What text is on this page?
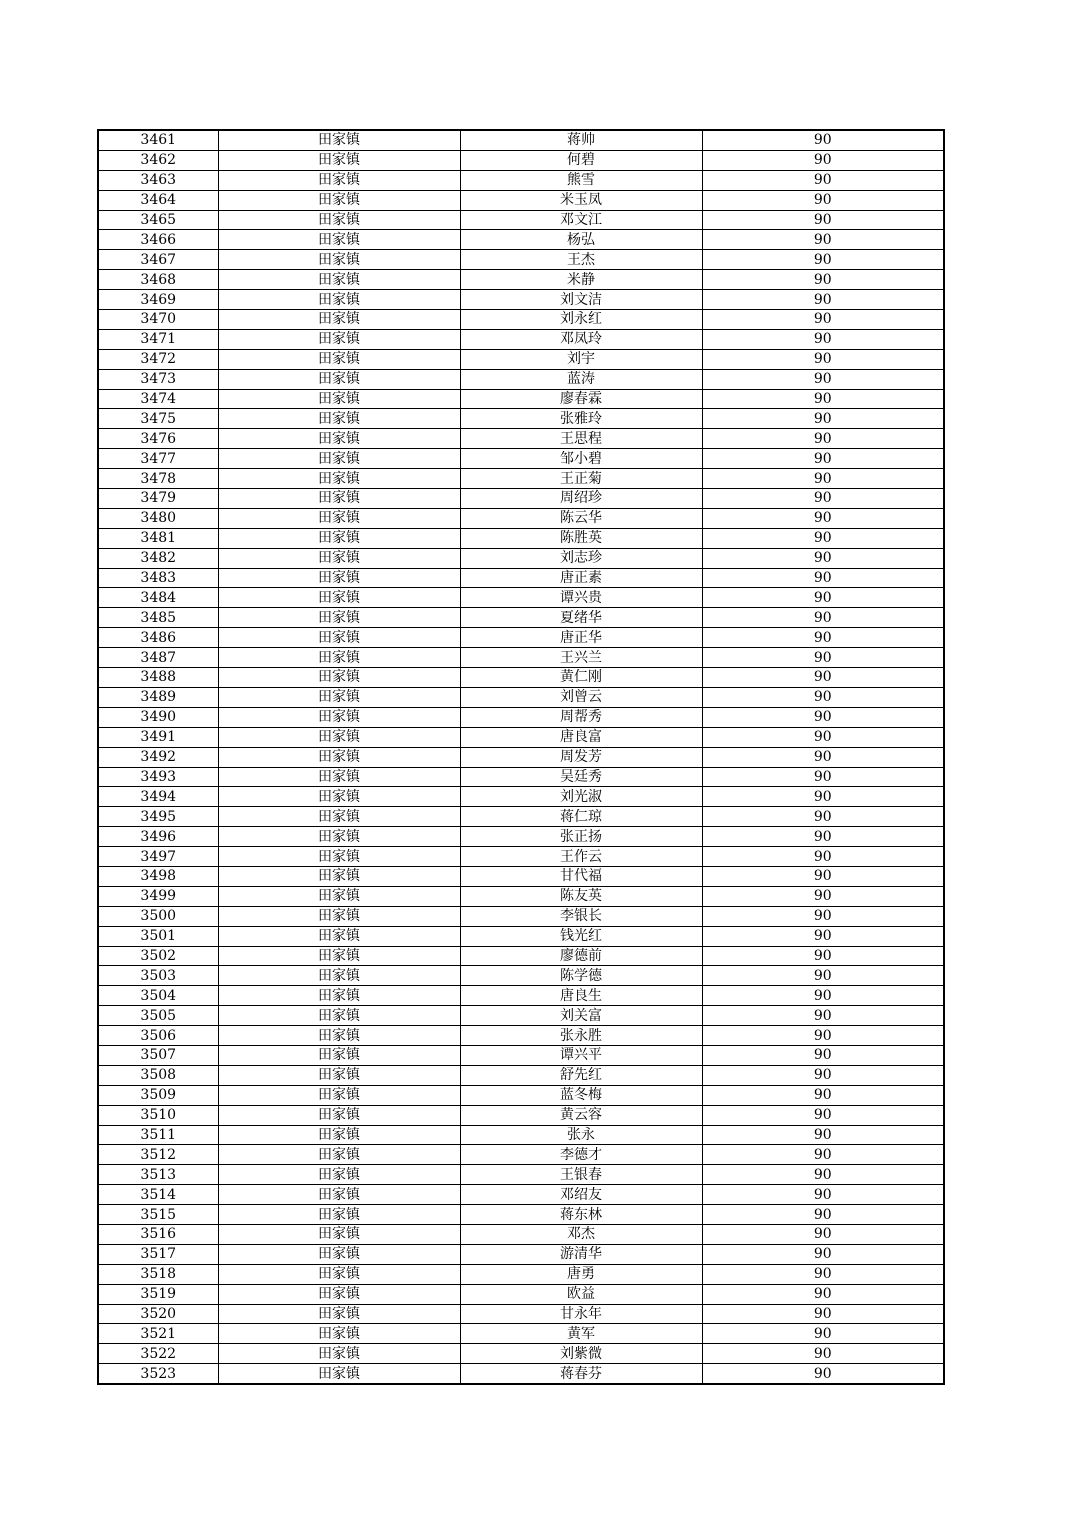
3461	田家镇	蒋帅	90
3462	田家镇	何碧	90
3463	田家镇	熊雪	90
3464	田家镇	米玉凤	90
3465	田家镇	邓文江	90
3466	田家镇	杨弘	90
3467	田家镇	王杰	90
3468	田家镇	米静	90
3469	田家镇	刘文洁	90
3470	田家镇	刘永红	90
3471	田家镇	邓凤玲	90
3472	田家镇	刘宇	90
3473	田家镇	蓝涛	90
3474	田家镇	廖春霖	90
3475	田家镇	张雅玲	90
3476	田家镇	王思程	90
3477	田家镇	邹小碧	90
3478	田家镇	王正菊	90
3479	田家镇	周绍珍	90
3480	田家镇	陈云华	90
3481	田家镇	陈胜英	90
3482	田家镇	刘志珍	90
3483	田家镇	唐正素	90
3484	田家镇	谭兴贵	90
3485	田家镇	夏绪华	90
3486	田家镇	唐正华	90
3487	田家镇	王兴兰	90
3488	田家镇	黄仁刚	90
3489	田家镇	刘曾云	90
3490	田家镇	周帮秀	90
3491	田家镇	唐良富	90
3492	田家镇	周发芳	90
3493	田家镇	吴廷秀	90
3494	田家镇	刘光淑	90
3495	田家镇	蒋仁琼	90
3496	田家镇	张正扬	90
3497	田家镇	王作云	90
3498	田家镇	甘代福	90
3499	田家镇	陈友英	90
3500	田家镇	李银长	90
3501	田家镇	钱光红	90
3502	田家镇	廖德前	90
3503	田家镇	陈学德	90
3504	田家镇	唐良生	90
3505	田家镇	刘关富	90
3506	田家镇	张永胜	90
3507	田家镇	谭兴平	90
3508	田家镇	舒先红	90
3509	田家镇	蓝冬梅	90
3510	田家镇	黄云容	90
3511	田家镇	张永	90
3512	田家镇	李德才	90
3513	田家镇	王银春	90
3514	田家镇	邓绍友	90
3515	田家镇	蒋东林	90
3516	田家镇	邓杰	90
3517	田家镇	游清华	90
3518	田家镇	唐勇	90
3519	田家镇	欧益	90
3520	田家镇	甘永年	90
3521	田家镇	黄军	90
3522	田家镇	刘紫微	90
3523	田家镇	蒋春芬	90
